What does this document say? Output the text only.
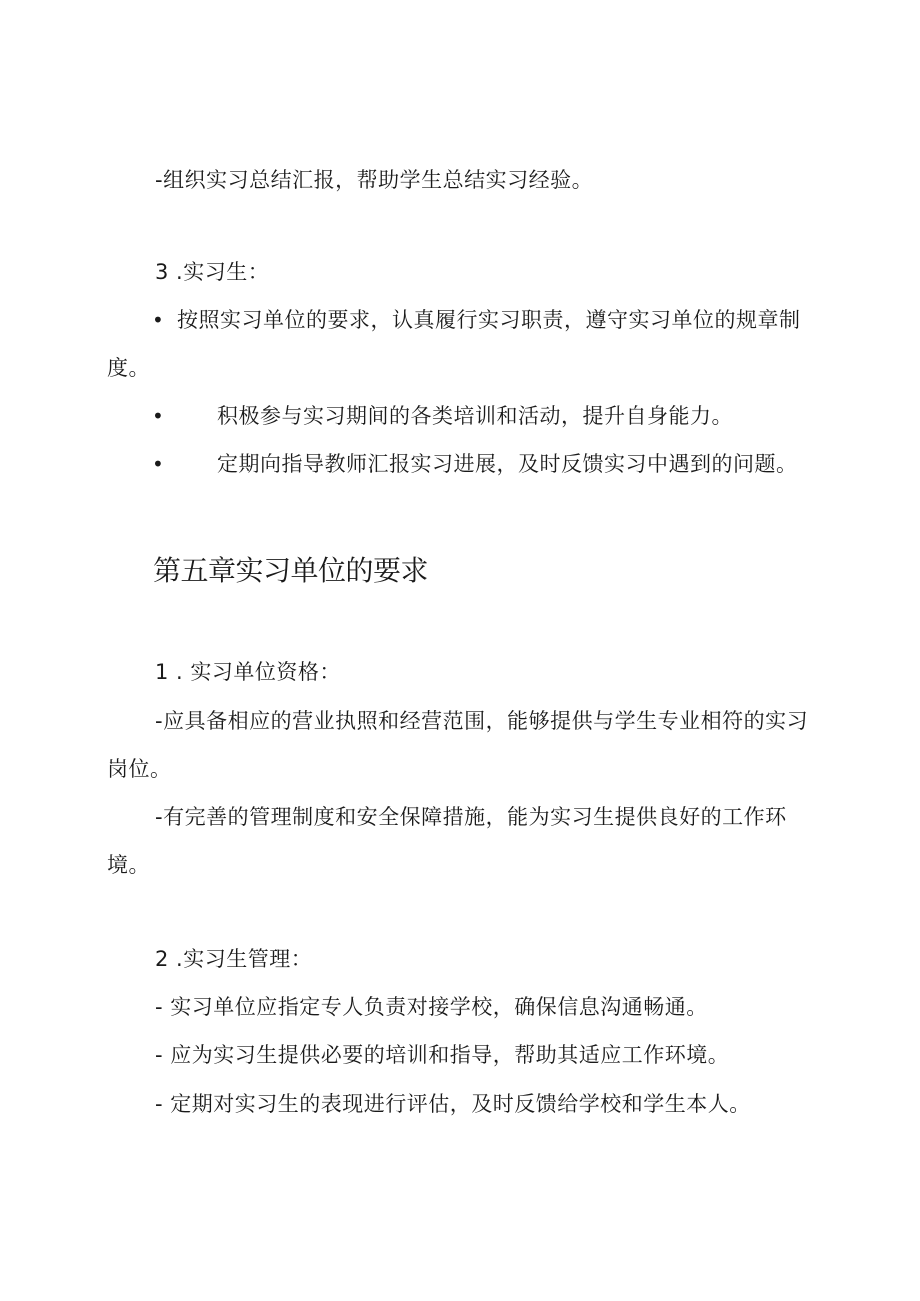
-组织实习总结汇报，帮助学生总结实习经验。
3 .实习生：
• 按照实习单位的要求，认真履行实习职责，遵守实习单位的规章制
度。
•	积极参与实习期间的各类培训和活动，提升自身能力。
•	定期向指导教师汇报实习进展，及时反馈实习中遇到的问题。
第五章实习单位的要求
1 . 实习单位资格：
-应具备相应的营业执照和经营范围，能够提供与学生专业相符的实习
岗位。
-有完善的管理制度和安全保障措施，能为实习生提供良好的工作环
境。
2 .实习生管理：
- 实习单位应指定专人负责对接学校，确保信息沟通畅通。
- 应为实习生提供必要的培训和指导，帮助其适应工作环境。
- 定期对实习生的表现进行评估，及时反馈给学校和学生本人。
